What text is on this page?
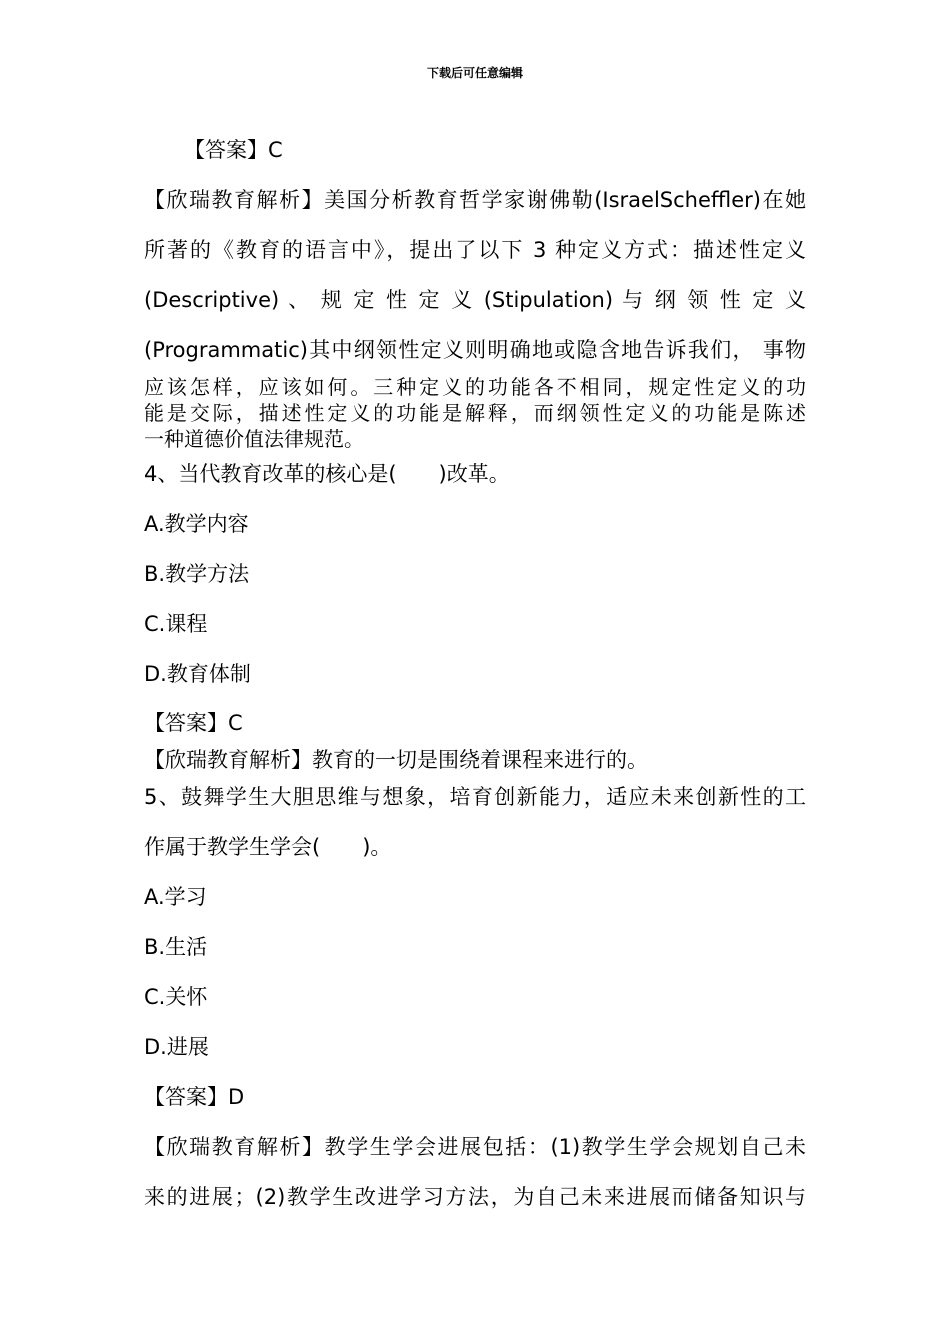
下载后可任意编辑
【答案】C
【欣瑞教育解析】美国分析教育哲学家谢佛勒(IsraelScheffler)在她
所著的《教育的语言中》，提出了以下 3 种定义方式：描述性定义
(Descriptive) 、 规 定 性 定 义 (Stipulation) 与 纲 领 性 定 义
(Programmatic)其中纲领性定义则明确地或隐含地告诉我们， 事物
应该怎样，应该如何。三种定义的功能各不相同，规定性定义的功
能是交际，描述性定义的功能是解释，而纲领性定义的功能是陈述
一种道德价值法律规范。
4、当代教育改革的核心是(　　)改革。
A.教学内容
B.教学方法
C.课程
D.教育体制
【答案】C
【欣瑞教育解析】教育的一切是围绕着课程来进行的。
5、鼓舞学生大胆思维与想象，培育创新能力，适应未来创新性的工
作属于教学生学会(　　)。
A.学习
B.生活
C.关怀
D.进展
【答案】D
【欣瑞教育解析】教学生学会进展包括：(1)教学生学会规划自己未
来的进展；(2)教学生改进学习方法，为自己未来进展而储备知识与
